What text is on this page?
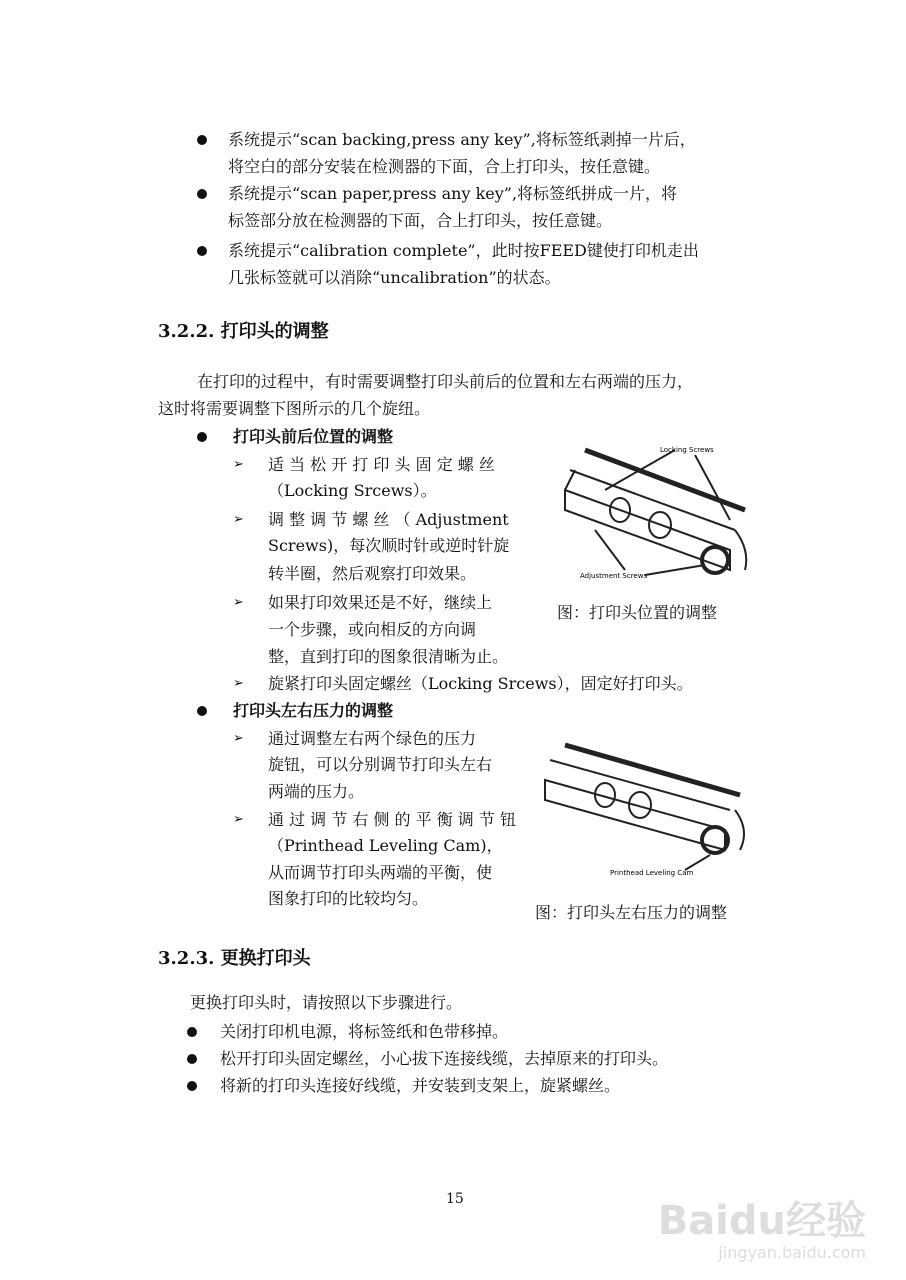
系统提示“scan backing,press any key”,将标签纸剥掉一片后，
将空白的部分安装在检测器的下面，合上打印头，按任意键。
系统提示“scan paper,press any key”,将标签纸拼成一片，将
标签部分放在检测器的下面，合上打印头，按任意键。
系统提示“calibration complete”，此时按FEED键使打印机走出
几张标签就可以消除“uncalibration”的状态。
3.2.2. 打印头的调整
在打印的过程中，有时需要调整打印头前后的位置和左右两端的压力，
这时将需要调整下图所示的几个旋纽。
打印头前后位置的调整
➢ 适 当 松 开 打 印 头 固 定 螺 丝
（Locking Srcews）。
➢ 调 整 调 节 螺 丝 （ Adjustment
Screws)，每次顺时针或逆时针旋
转半圈，然后观察打印效果。
➢ 如果打印效果还是不好，继续上
一个步骤，或向相反的方向调
整，直到打印的图象很清晰为止。
➢ 旋紧打印头固定螺丝（Locking Srcews），固定好打印头。
Locking Screws
Adjustment Screws
图：打印头位置的调整
打印头左右压力的调整
➢ 通过调整左右两个绿色的压力
旋钮，可以分别调节打印头左右
两端的压力。
➢ 通 过 调 节 右 侧 的 平 衡 调 节 钮
（Printhead Leveling Cam)，
从而调节打印头两端的平衡，使
图象打印的比较均匀。
Printhead Leveling Cam
图：打印头左右压力的调整
3.2.3. 更换打印头
更换打印头时，请按照以下步骤进行。
关闭打印机电源，将标签纸和色带移掉。
松开打印头固定螺丝，小心拔下连接线缆，去掉原来的打印头。
将新的打印头连接好线缆，并安装到支架上，旋紧螺丝。
15	Baidu经验
jingyan.baidu.com
